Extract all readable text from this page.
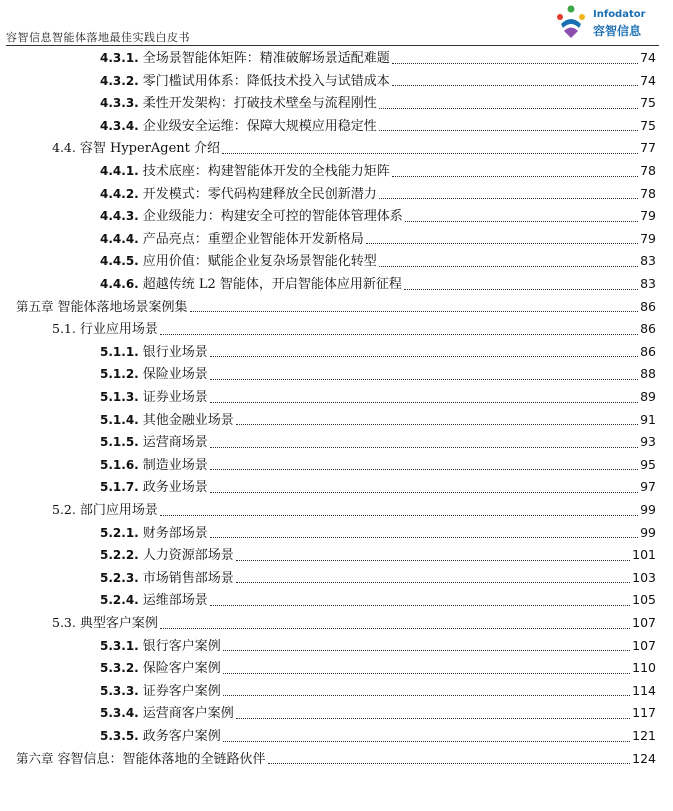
容智信息智能体落地最佳实践白皮书
Infodator
容智信息
4.3.1. 全场景智能体矩阵：精准破解场景适配难题	74
4.3.2. 零门槛试用体系：降低技术投入与试错成本	74
4.3.3. 柔性开发架构：打破技术壁垒与流程刚性	75
4.3.4. 企业级安全运维：保障大规模应用稳定性	75
4.4. 容智 HyperAgent 介绍	77
4.4.1. 技术底座：构建智能体开发的全栈能力矩阵	78
4.4.2. 开发模式：零代码构建释放全民创新潜力	78
4.4.3. 企业级能力：构建安全可控的智能体管理体系	79
4.4.4. 产品亮点：重塑企业智能体开发新格局	79
4.4.5. 应用价值：赋能企业复杂场景智能化转型	83
4.4.6. 超越传统 L2 智能体，开启智能体应用新征程	83
第五章 智能体落地场景案例集	86
5.1. 行业应用场景	86
5.1.1. 银行业场景	86
5.1.2. 保险业场景	88
5.1.3. 证券业场景	89
5.1.4. 其他金融业场景	91
5.1.5. 运营商场景	93
5.1.6. 制造业场景	95
5.1.7. 政务业场景	97
5.2. 部门应用场景	99
5.2.1. 财务部场景	99
5.2.2. 人力资源部场景	101
5.2.3. 市场销售部场景	103
5.2.4. 运维部场景	105
5.3. 典型客户案例	107
5.3.1. 银行客户案例	107
5.3.2. 保险客户案例	110
5.3.3. 证券客户案例	114
5.3.4. 运营商客户案例	117
5.3.5. 政务客户案例	121
第六章 容智信息：智能体落地的全链路伙伴	124
